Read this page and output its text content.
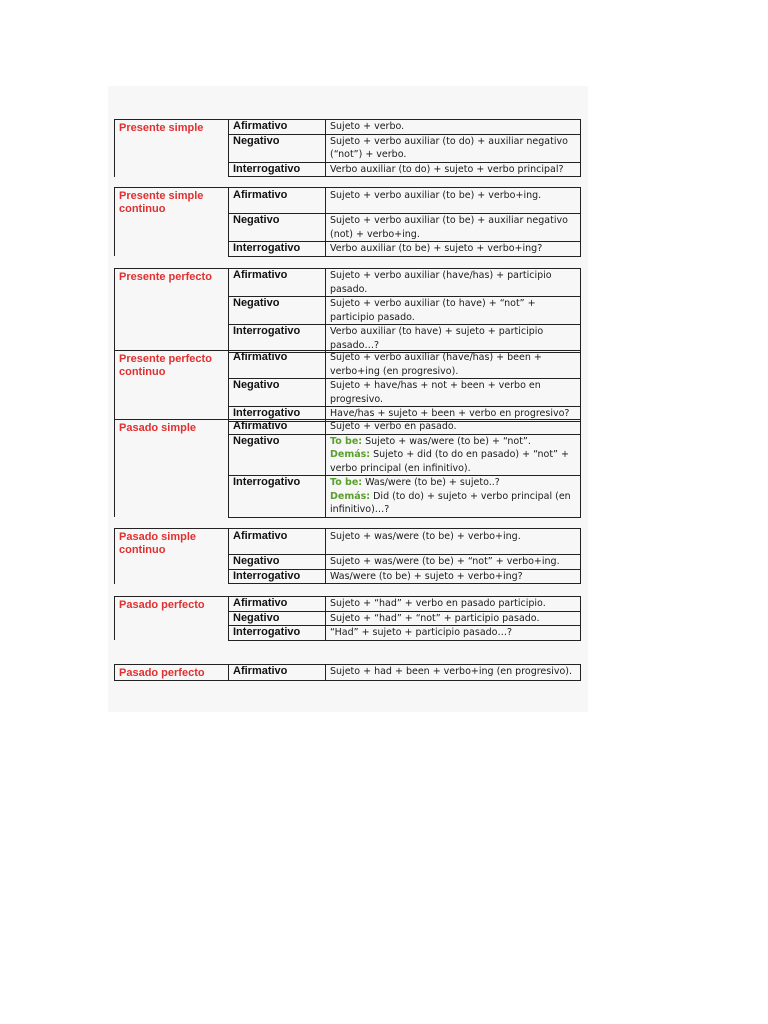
Presente simple	Afirmativo	Sujeto + verbo.
	Negativo	Sujeto + verbo auxiliar (to do) + auxiliar negativo (“not”) + verbo.
	Interrogativo	Verbo auxiliar (to do) + sujeto + verbo principal?
Presente simple continuo	Afirmativo	Sujeto + verbo auxiliar (to be) + verbo+ing.
	Negativo	Sujeto + verbo auxiliar (to be) + auxiliar negativo (not) + verbo+ing.
	Interrogativo	Verbo auxiliar (to be) + sujeto + verbo+ing?
Presente perfecto	Afirmativo	Sujeto + verbo auxiliar (have/has) + participio pasado.
	Negativo	Sujeto + verbo auxiliar (to have) + “not” + participio pasado.
	Interrogativo	Verbo auxiliar (to have) + sujeto + participio pasado…?
Presente perfecto continuo	Afirmativo	Sujeto + verbo auxiliar (have/has) + been + verbo+ing (en progresivo).
	Negativo	Sujeto + have/has + not + been + verbo en progresivo.
	Interrogativo	Have/has + sujeto + been + verbo en progresivo?
Pasado simple	Afirmativo	Sujeto + verbo en pasado.
	Negativo	To be: Sujeto + was/were (to be) + “not”.
Demás: Sujeto + did (to do en pasado) + “not” + verbo principal (en infinitivo).
	Interrogativo	To be: Was/were (to be) + sujeto..?
Demás: Did (to do) + sujeto + verbo principal (en infinitivo)…?
Pasado simple continuo	Afirmativo	Sujeto + was/were (to be) + verbo+ing.
	Negativo	Sujeto + was/were (to be) + “not” + verbo+ing.
	Interrogativo	Was/were (to be) + sujeto + verbo+ing?
Pasado perfecto	Afirmativo	Sujeto + “had” + verbo en pasado participio.
	Negativo	Sujeto + “had” + “not” + participio pasado.
	Interrogativo	“Had” + sujeto + participio pasado…?
Pasado perfecto	Afirmativo	Sujeto + had + been + verbo+ing (en progresivo).
